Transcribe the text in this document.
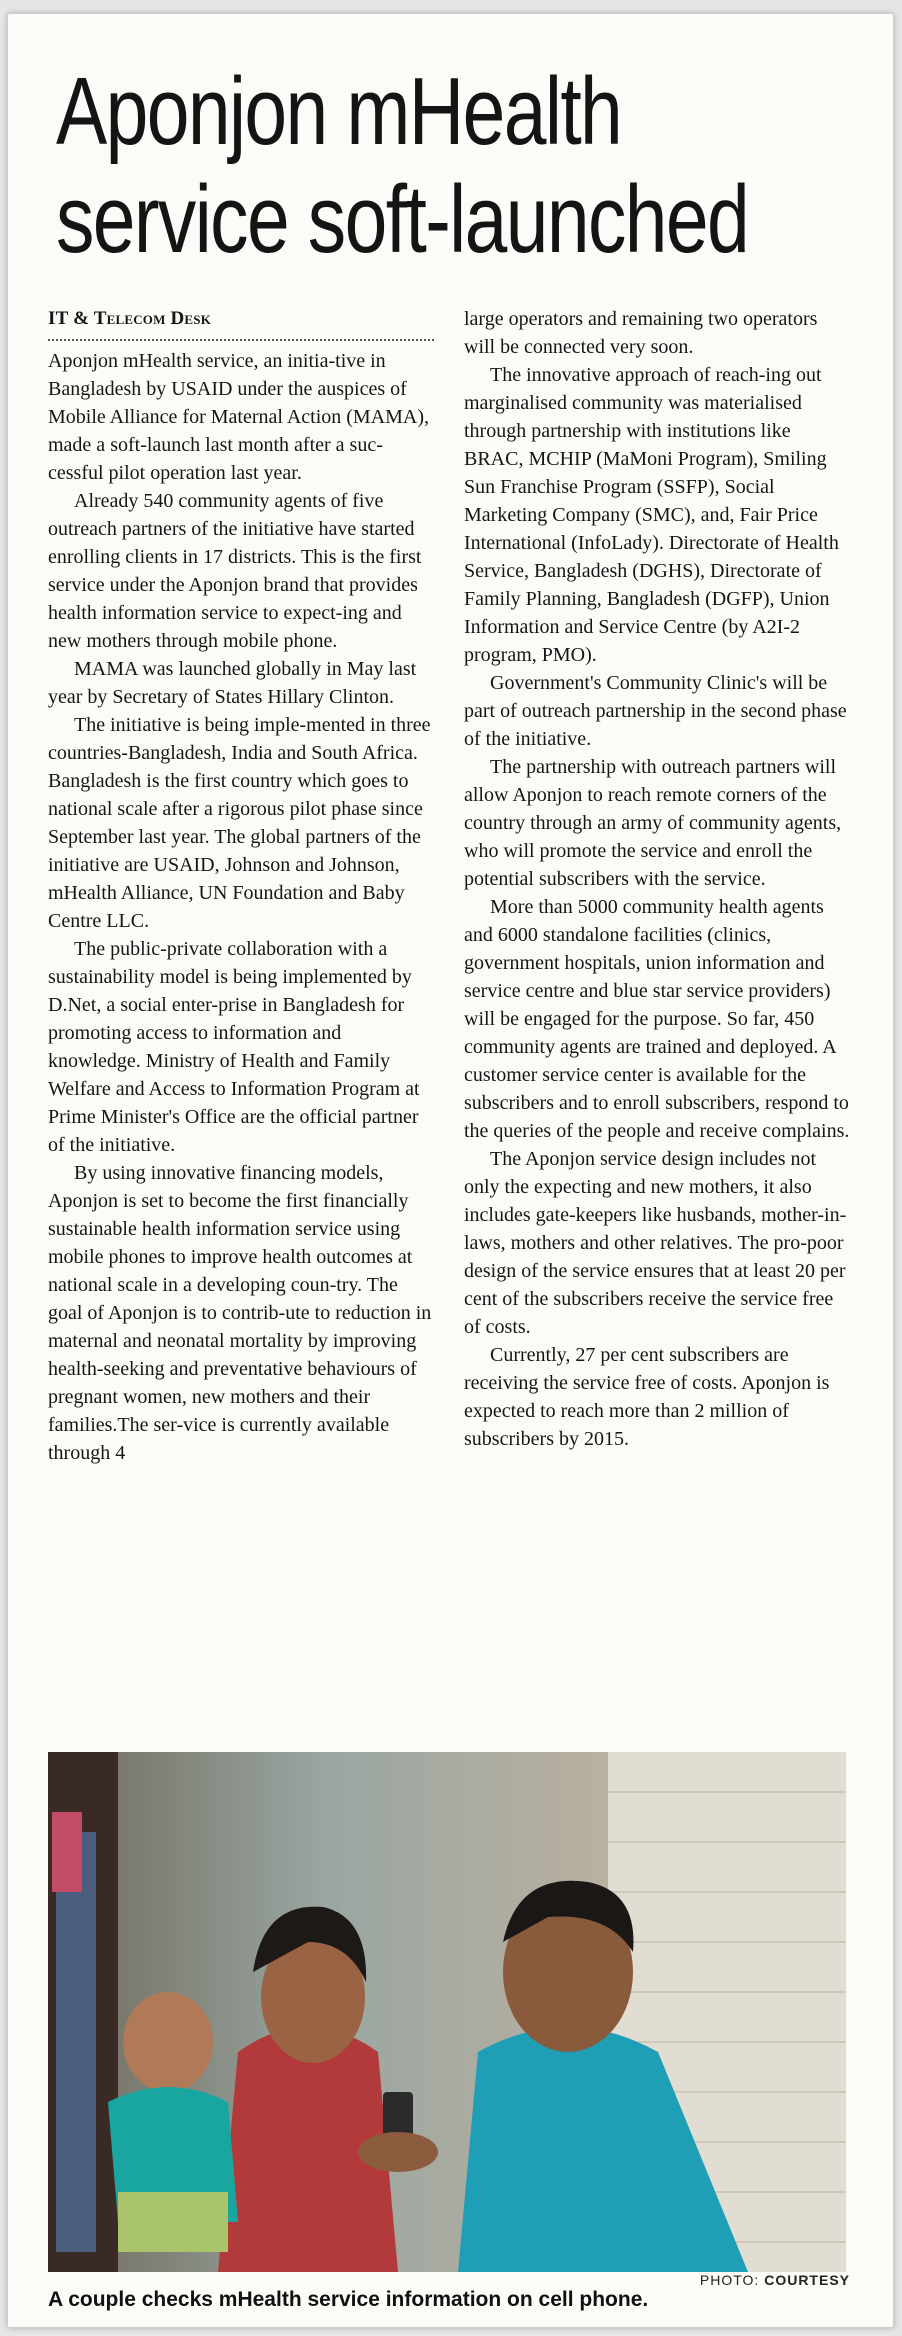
Aponjon mHealth
service soft-launched
IT & Telecom Desk

Aponjon mHealth service, an initia-tive in Bangladesh by USAID under the auspices of Mobile Alliance for Maternal Action (MAMA), made a soft-launch last month after a suc-cessful pilot operation last year.

Already 540 community agents of five outreach partners of the initiative have started enrolling clients in 17 districts. This is the first service under the Aponjon brand that provides health information service to expect-ing and new mothers through mobile phone.

MAMA was launched globally in May last year by Secretary of States Hillary Clinton.

The initiative is being imple-mented in three countries-Bangladesh, India and South Africa. Bangladesh is the first country which goes to national scale after a rigorous pilot phase since September last year. The global partners of the initiative are USAID, Johnson and Johnson, mHealth Alliance, UN Foundation and Baby Centre LLC.

The public-private collaboration with a sustainability model is being implemented by D.Net, a social enter-prise in Bangladesh for promoting access to information and knowledge. Ministry of Health and Family Welfare and Access to Information Program at Prime Minister's Office are the official partner of the initiative.

By using innovative financing models, Aponjon is set to become the first financially sustainable health information service using mobile phones to improve health outcomes at national scale in a developing coun-try. The goal of Aponjon is to contrib-ute to reduction in maternal and neonatal mortality by improving health-seeking and preventative behaviours of pregnant women, new mothers and their families.The ser-vice is currently available through 4

large operators and remaining two operators will be connected very soon.

The innovative approach of reach-ing out marginalised community was materialised through partnership with institutions like BRAC, MCHIP (MaMoni Program), Smiling Sun Franchise Program (SSFP), Social Marketing Company (SMC), and, Fair Price International (InfoLady). Directorate of Health Service, Bangladesh (DGHS), Directorate of Family Planning, Bangladesh (DGFP), Union Information and Service Centre (by A2I-2 program, PMO).

Government's Community Clinic's will be part of outreach partnership in the second phase of the initiative.

The partnership with outreach partners will allow Aponjon to reach remote corners of the country through an army of community agents, who will promote the service and enroll the potential subscribers with the service.

More than 5000 community health agents and 6000 standalone facilities (clinics, government hospitals, union information and service centre and blue star service providers) will be engaged for the purpose. So far, 450 community agents are trained and deployed. A customer service center is available for the subscribers and to enroll subscribers, respond to the queries of the people and receive complains.

The Aponjon service design includes not only the expecting and new mothers, it also includes gate-keepers like husbands, mother-in-laws, mothers and other relatives. The pro-poor design of the service ensures that at least 20 per cent of the subscribers receive the service free of costs.

Currently, 27 per cent subscribers are receiving the service free of costs. Aponjon is expected to reach more than 2 million of subscribers by 2015.

PHOTO: COURTESY
A couple checks mHealth service information on cell phone.
